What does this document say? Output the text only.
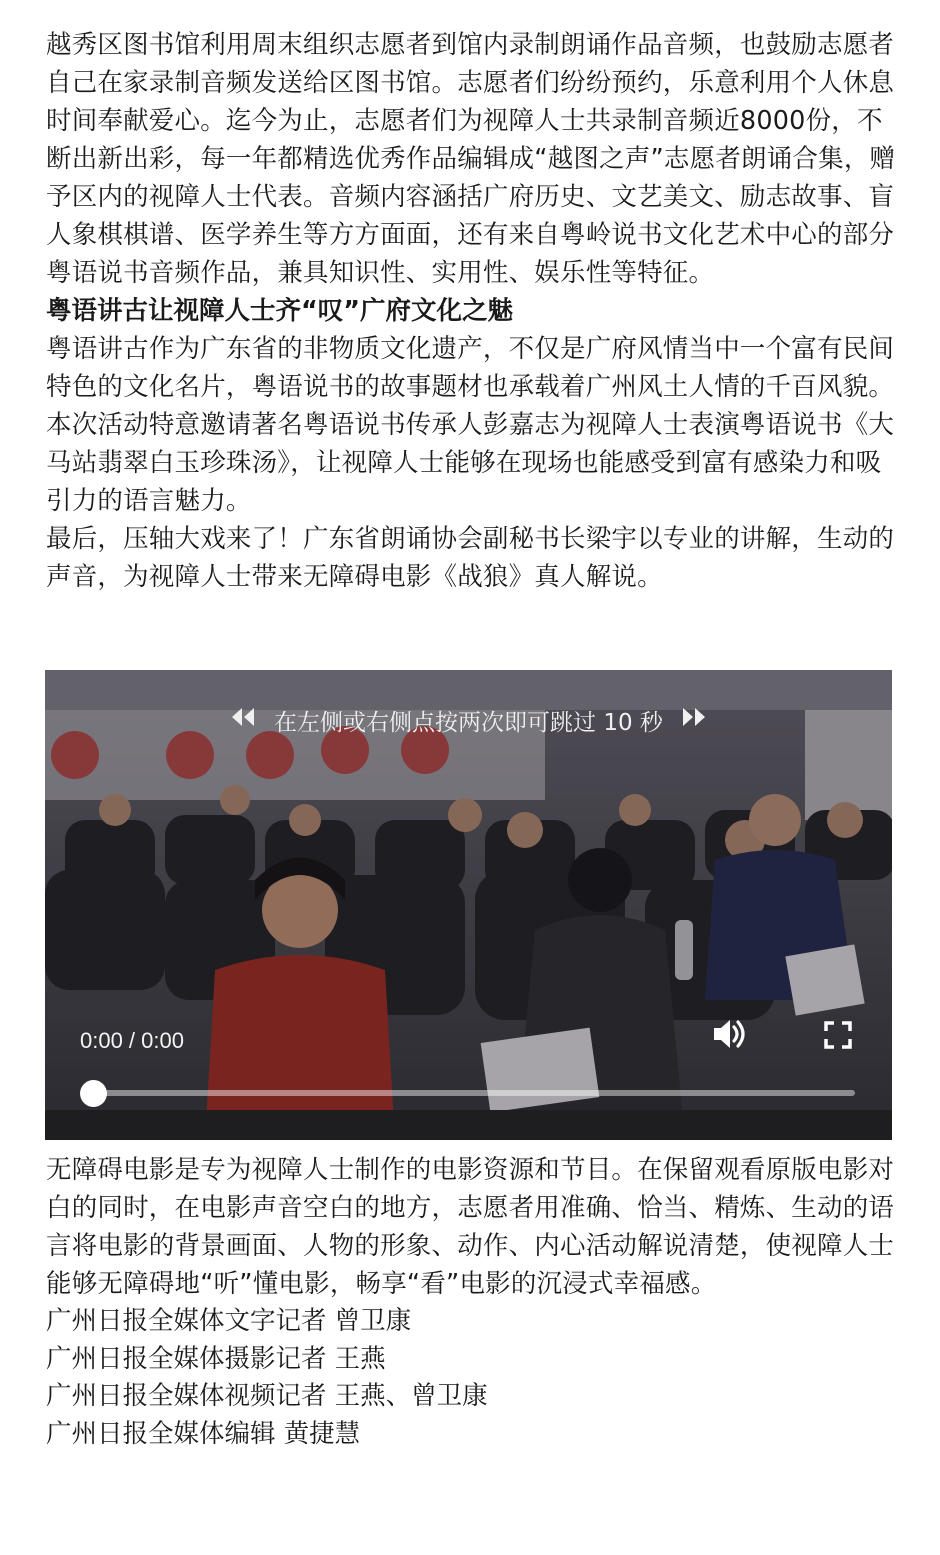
越秀区图书馆利用周末组织志愿者到馆内录制朗诵作品音频，也鼓励志愿者自己在家录制音频发送给区图书馆。志愿者们纷纷预约，乐意利用个人休息时间奉献爱心。迄今为止，志愿者们为视障人士共录制音频近8000份，不断出新出彩，每一年都精选优秀作品编辑成“越图之声”志愿者朗诵合集，赠予区内的视障人士代表。音频内容涵括广府历史、文艺美文、励志故事、盲人象棋棋谱、医学养生等方方面面，还有来自粤岭说书文化艺术中心的部分粤语说书音频作品，兼具知识性、实用性、娱乐性等特征。

粤语讲古让视障人士齐“叹”广府文化之魅

粤语讲古作为广东省的非物质文化遗产，不仅是广府风情当中一个富有民间特色的文化名片，粤语说书的故事题材也承载着广州风土人情的千百风貌。本次活动特意邀请著名粤语说书传承人彭嘉志为视障人士表演粤语说书《大马站翡翠白玉珍珠汤》，让视障人士能够在现场也能感受到富有感染力和吸引力的语言魅力。

最后，压轴大戏来了！广东省朗诵协会副秘书长梁宇以专业的讲解，生动的声音，为视障人士带来无障碍电影《战狼》真人解说。

在左侧或右侧点按两次即可跳过 10 秒
0:00 / 0:00

无障碍电影是专为视障人士制作的电影资源和节目。在保留观看原版电影对白的同时，在电影声音空白的地方，志愿者用准确、恰当、精炼、生动的语言将电影的背景画面、人物的形象、动作、内心活动解说清楚，使视障人士能够无障碍地“听”懂电影，畅享“看”电影的沉浸式幸福感。

广州日报全媒体文字记者 曾卫康

广州日报全媒体摄影记者 王燕

广州日报全媒体视频记者 王燕、曾卫康

广州日报全媒体编辑 黄捷慧
